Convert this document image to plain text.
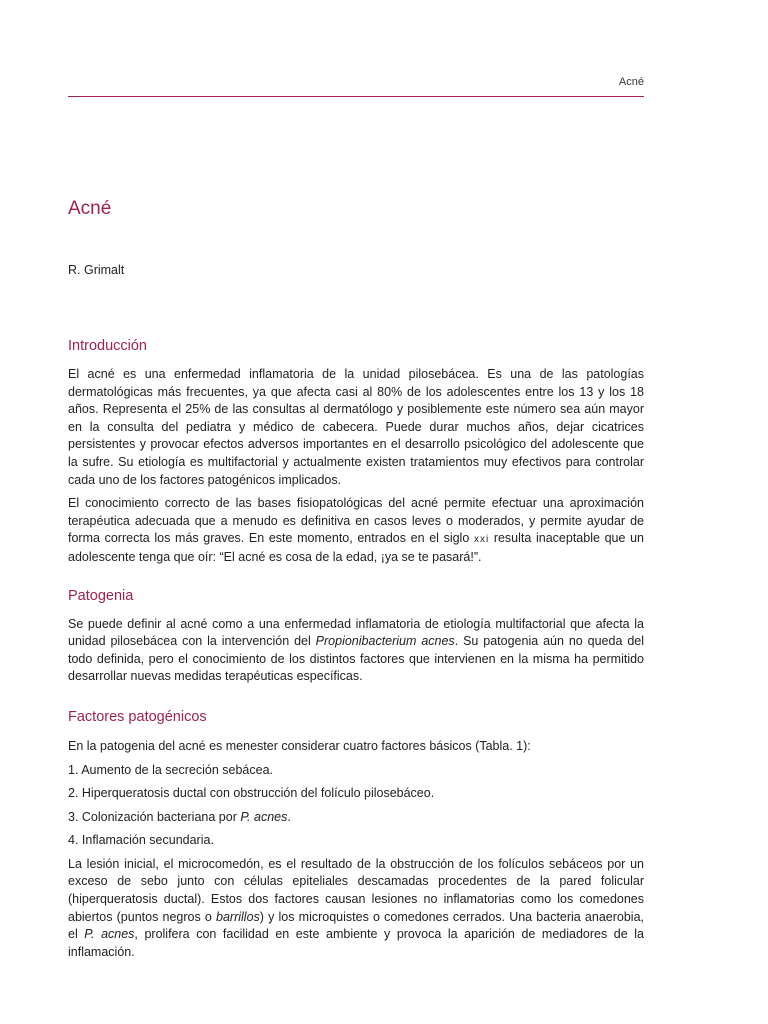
Acné
Acné
R. Grimalt
Introducción

El acné es una enfermedad inflamatoria de la unidad pilosebácea. Es una de las patologías dermatológicas más frecuentes, ya que afecta casi al 80% de los adolescentes entre los 13 y los 18 años. Representa el 25% de las consultas al dermatólogo y posiblemente este número sea aún mayor en la consulta del pediatra y médico de cabecera. Puede durar muchos años, dejar cicatrices persistentes y provocar efectos adversos importantes en el desarrollo psicológico del adolescente que la sufre. Su etiología es multifactorial y actualmente existen tratamientos muy efectivos para controlar cada uno de los factores patogénicos implicados.

El conocimiento correcto de las bases fisiopatológicas del acné permite efectuar una aproximación terapéutica adecuada que a menudo es definitiva en casos leves o moderados, y permite ayudar de forma correcta los más graves. En este momento, entrados en el siglo xxi resulta inaceptable que un adolescente tenga que oír: “El acné es cosa de la edad, ¡ya se te pasará!”.

Patogenia

Se puede definir al acné como a una enfermedad inflamatoria de etiología multifactorial que afecta la unidad pilosebácea con la intervención del Propionibacterium acnes. Su patogenia aún no queda del todo definida, pero el conocimiento de los distintos factores que intervienen en la misma ha permitido desarrollar nuevas medidas terapéuticas específicas.

Factores patogénicos

En la patogenia del acné es menester considerar cuatro factores básicos (Tabla. 1):

1. Aumento de la secreción sebácea.

2. Hiperqueratosis ductal con obstrucción del folículo pilosebáceo.

3. Colonización bacteriana por P. acnes.

4. Inflamación secundaria.

La lesión inicial, el microcomedón, es el resultado de la obstrucción de los folículos sebáceos por un exceso de sebo junto con células epiteliales descamadas procedentes de la pared folicular (hiperqueratosis ductal). Estos dos factores causan lesiones no inflamatorias como los comedones abiertos (puntos negros o barrillos) y los microquistes o comedones cerrados. Una bacteria anaerobia, el P. acnes, prolifera con facilidad en este ambiente y provoca la aparición de mediadores de la inflamación.
